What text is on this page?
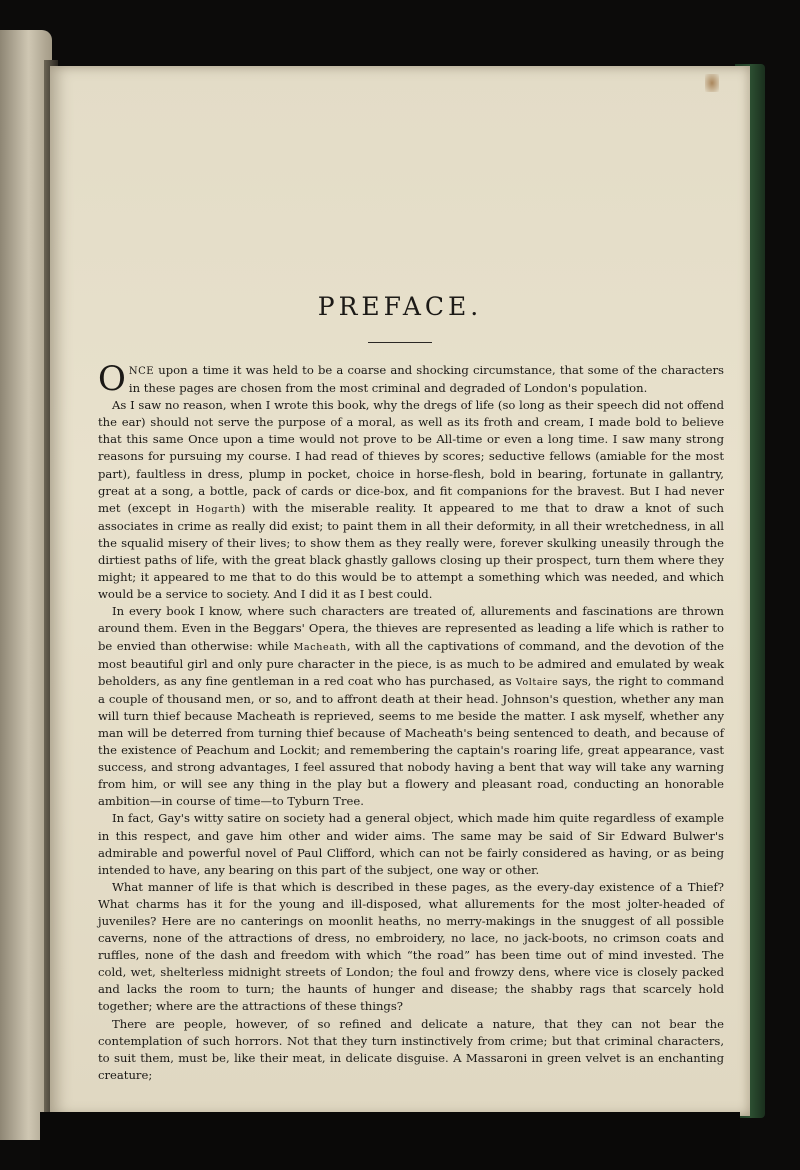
PREFACE.

ONCE upon a time it was held to be a coarse and shocking circumstance, that some of the characters in these pages are chosen from the most criminal and degraded of London's population.

As I saw no reason, when I wrote this book, why the dregs of life (so long as their speech did not offend the ear) should not serve the purpose of a moral, as well as its froth and cream, I made bold to believe that this same Once upon a time would not prove to be All-time or even a long time. I saw many strong reasons for pursuing my course. I had read of thieves by scores; seductive fellows (amiable for the most part), faultless in dress, plump in pocket, choice in horse-flesh, bold in bearing, fortunate in gallantry, great at a song, a bottle, pack of cards or dice-box, and fit companions for the bravest. But I had never met (except in Hogarth) with the miserable reality. It appeared to me that to draw a knot of such associates in crime as really did exist; to paint them in all their deformity, in all their wretchedness, in all the squalid misery of their lives; to show them as they really were, forever skulking uneasily through the dirtiest paths of life, with the great black ghastly gallows closing up their prospect, turn them where they might; it appeared to me that to do this would be to attempt a something which was needed, and which would be a service to society. And I did it as I best could.

In every book I know, where such characters are treated of, allurements and fascinations are thrown around them. Even in the Beggars' Opera, the thieves are represented as leading a life which is rather to be envied than otherwise: while Macheath, with all the captivations of command, and the devotion of the most beautiful girl and only pure character in the piece, is as much to be admired and emulated by weak beholders, as any fine gentleman in a red coat who has purchased, as Voltaire says, the right to command a couple of thousand men, or so, and to affront death at their head. Johnson's question, whether any man will turn thief because Macheath is reprieved, seems to me beside the matter. I ask myself, whether any man will be deterred from turning thief because of Macheath's being sentenced to death, and because of the existence of Peachum and Lockit; and remembering the captain's roaring life, great appearance, vast success, and strong advantages, I feel assured that nobody having a bent that way will take any warning from him, or will see any thing in the play but a flowery and pleasant road, conducting an honorable ambition—in course of time—to Tyburn Tree.

In fact, Gay's witty satire on society had a general object, which made him quite regardless of example in this respect, and gave him other and wider aims. The same may be said of Sir Edward Bulwer's admirable and powerful novel of Paul Clifford, which can not be fairly considered as having, or as being intended to have, any bearing on this part of the subject, one way or other.

What manner of life is that which is described in these pages, as the every-day existence of a Thief? What charms has it for the young and ill-disposed, what allurements for the most jolter-headed of juveniles? Here are no canterings on moonlit heaths, no merry-makings in the snuggest of all possible caverns, none of the attractions of dress, no embroidery, no lace, no jack-boots, no crimson coats and ruffles, none of the dash and freedom with which “the road” has been time out of mind invested. The cold, wet, shelterless midnight streets of London; the foul and frowzy dens, where vice is closely packed and lacks the room to turn; the haunts of hunger and disease; the shabby rags that scarcely hold together; where are the attractions of these things?

There are people, however, of so refined and delicate a nature, that they can not bear the contemplation of such horrors. Not that they turn instinctively from crime; but that criminal characters, to suit them, must be, like their meat, in delicate disguise. A Massaroni in green velvet is an enchanting creature;
